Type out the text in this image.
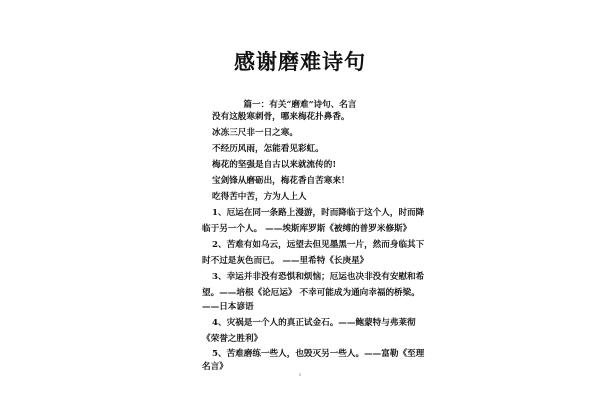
感谢磨难诗句
篇一：有关“磨难”诗句、名言
没有这般寒刺骨，哪来梅花扑鼻香。
冰冻三尺非一日之寒。
不经历风雨，怎能看见彩虹。
梅花的坚强是自古以来就流传的!
宝剑锋从磨砺出，梅花香自苦寒来！
吃得苦中苦，方为人上人
1、厄运在同一条路上漫游，时而降临于这个人，时而降
临于另一个人。 ——埃斯库罗斯《被缚的普罗米修斯》
2、苦难有如乌云，远望去但见墨黑一片，然而身临其下
时不过是灰色而已。 ——里希特《长庚星》
3、幸运并非没有恐惧和烦恼；厄运也决非没有安慰和希
望。——培根《论厄运》 不幸可能成为通向幸福的桥梁。
——日本谚语
4、灾祸是一个人的真正试金石。——鲍蒙特与弗莱彻
《荣誉之胜利》
5、苦难磨练一些人，也毁灭另一些人。——富勒《至理
名言》
1
